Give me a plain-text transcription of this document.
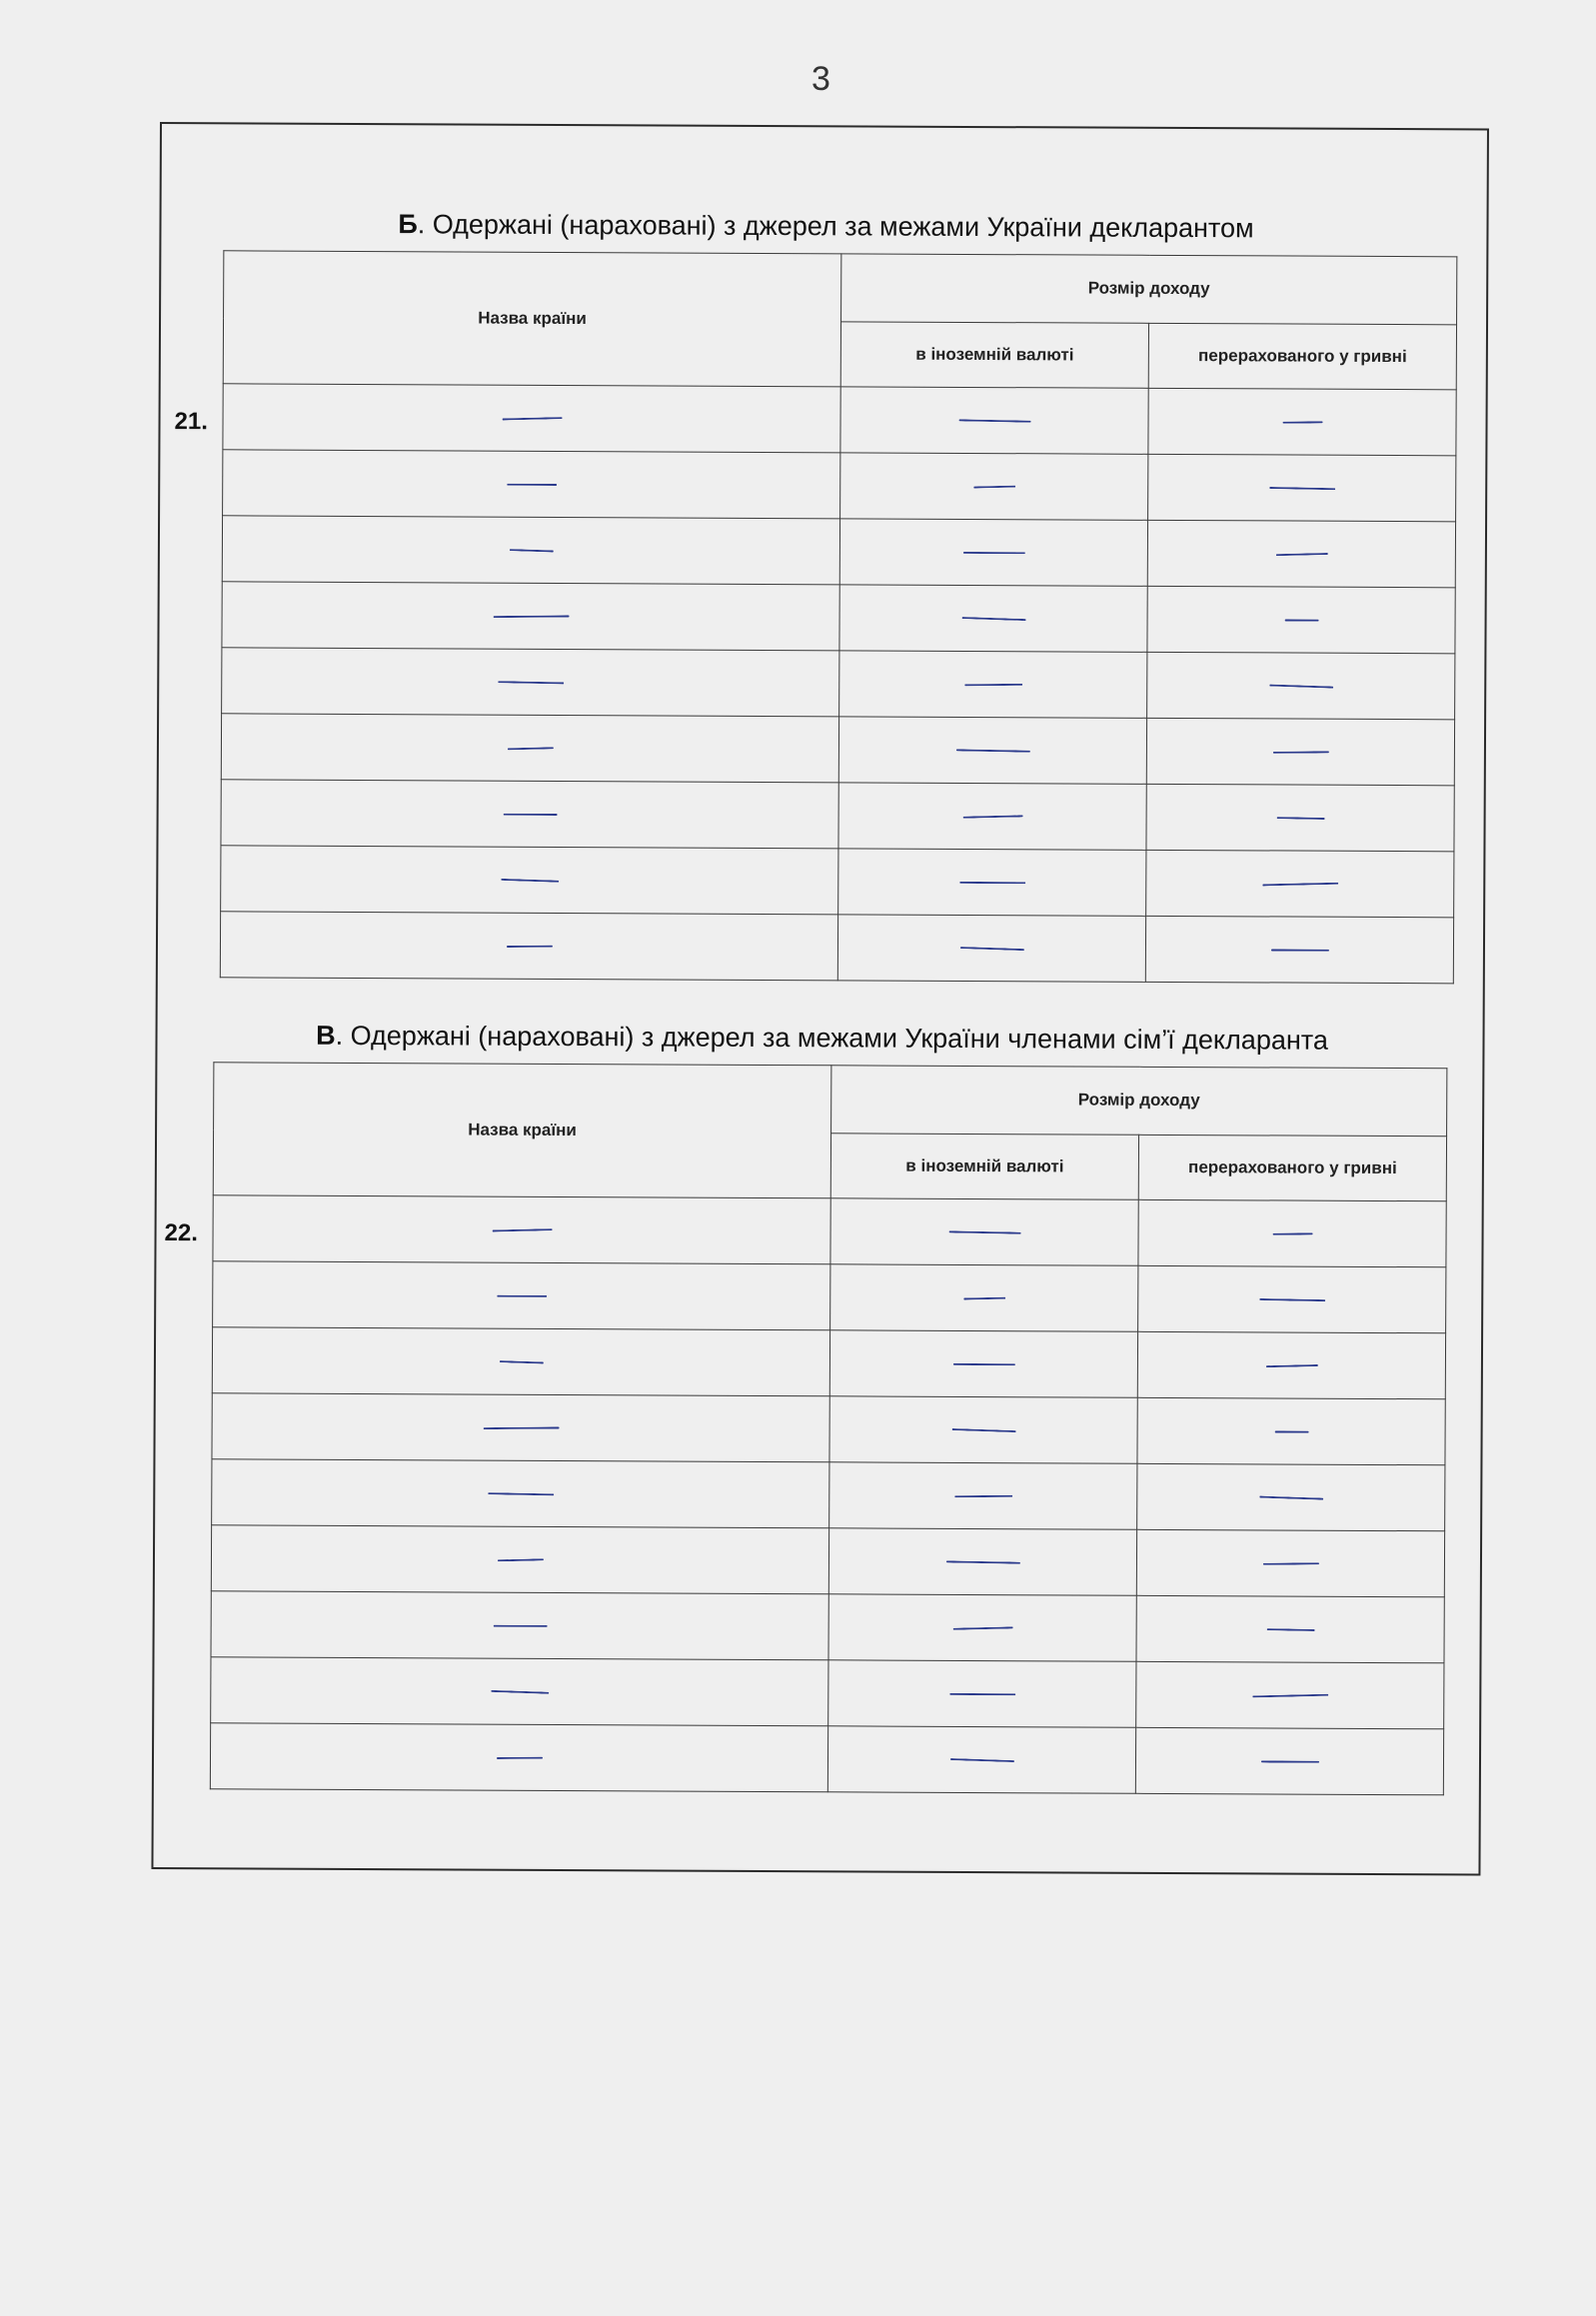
3
Б. Одержані (нараховані) з джерел за межами України декларантом
21.
Назва країни	Розмір доходу	
	в іноземній валюті	перерахованого у гривні

В. Одержані (нараховані) з джерел за межами України членами сім’ї декларанта
22.
Назва країни	Розмір доходу	
	в іноземній валюті	перерахованого у гривні
